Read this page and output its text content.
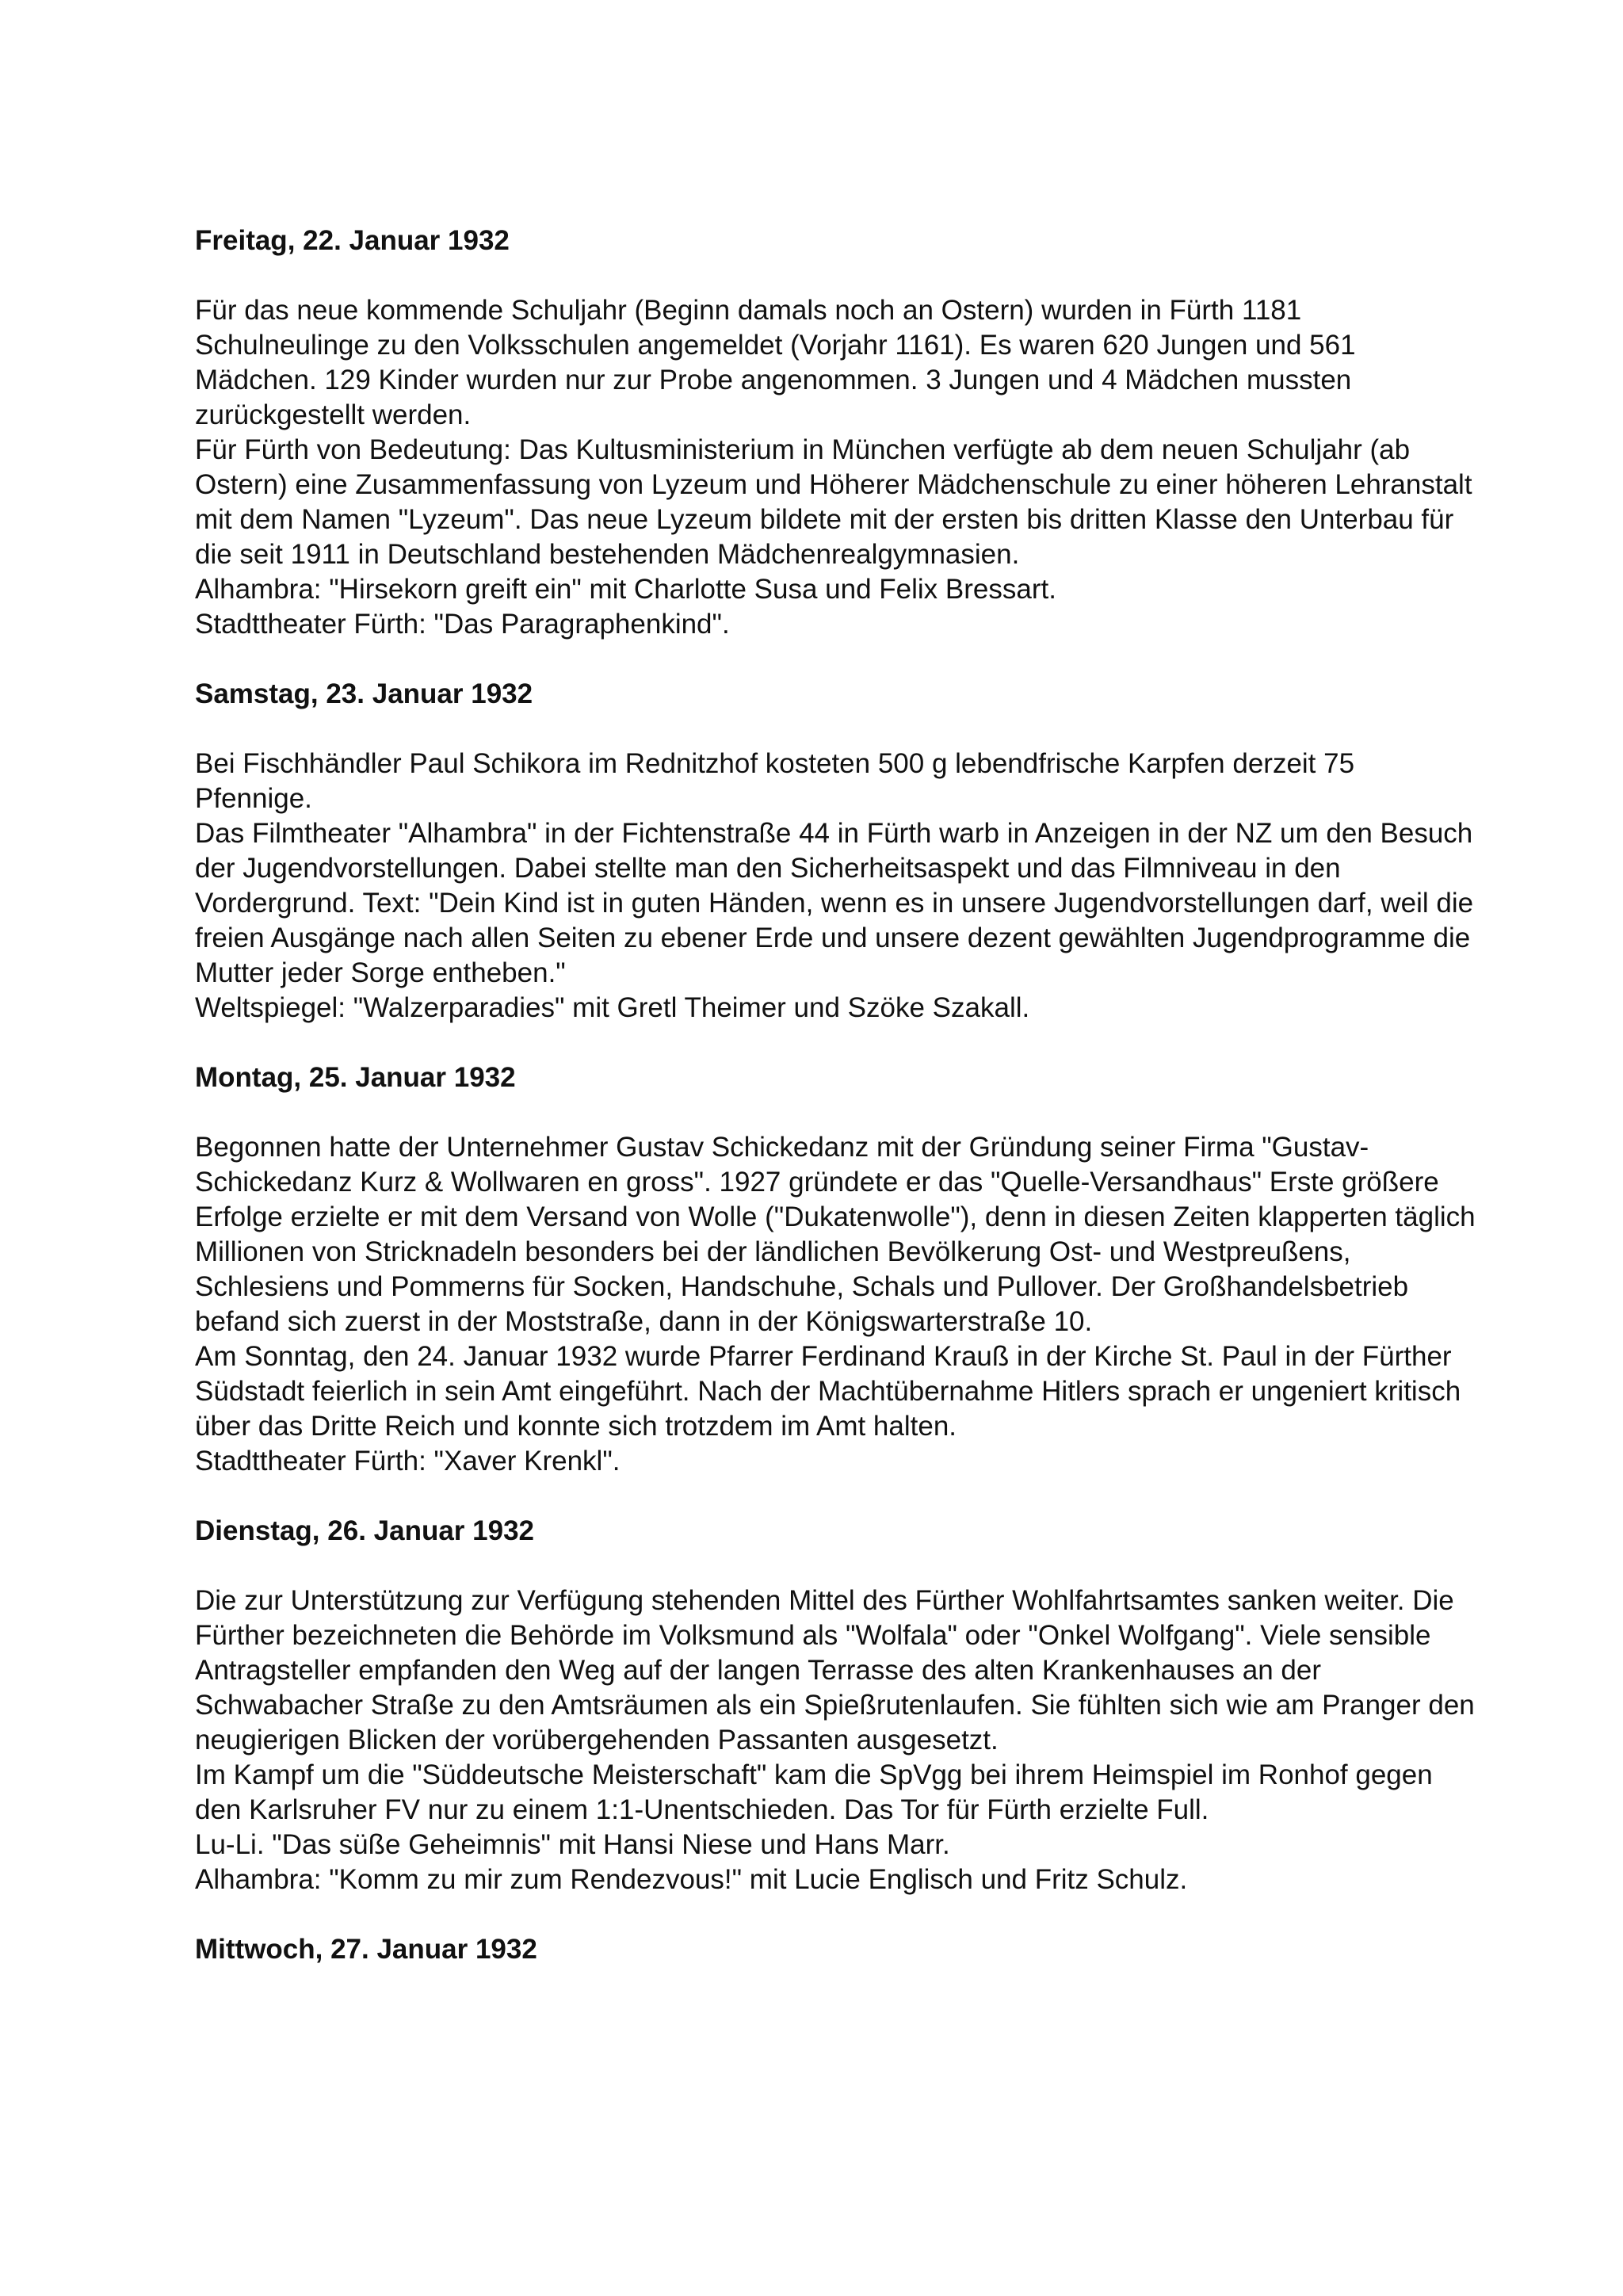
Freitag, 22. Januar 1932

Für das neue kommende Schuljahr (Beginn damals noch an Ostern) wurden in Fürth 1181 Schulneulinge zu den Volksschulen angemeldet (Vorjahr 1161). Es waren 620 Jungen und 561 Mädchen. 129 Kinder wurden nur zur Probe angenommen. 3 Jungen und 4 Mädchen mussten zurückgestellt werden.

Für Fürth von Bedeutung: Das Kultusministerium in München verfügte ab dem neuen Schuljahr (ab Ostern) eine Zusammenfassung von Lyzeum und Höherer Mädchenschule zu einer höheren Lehranstalt mit dem Namen "Lyzeum". Das neue Lyzeum bildete mit der ersten bis dritten Klasse den Unterbau für die seit 1911 in Deutschland bestehenden Mädchenrealgymnasien.

Alhambra: "Hirsekorn greift ein" mit Charlotte Susa und Felix Bressart.

Stadttheater Fürth: "Das Paragraphenkind".

Samstag, 23. Januar 1932

Bei Fischhändler Paul Schikora im Rednitzhof kosteten 500 g lebendfrische Karpfen derzeit 75 Pfennige.

Das Filmtheater "Alhambra" in der Fichtenstraße 44 in Fürth warb in Anzeigen in der NZ um den Besuch der Jugendvorstellungen. Dabei stellte man den Sicherheitsaspekt und das Filmniveau in den Vordergrund. Text: "Dein Kind ist in guten Händen, wenn es in unsere Jugendvorstellungen darf, weil die freien Ausgänge nach allen Seiten zu ebener Erde und unsere dezent gewählten Jugendprogramme die Mutter jeder Sorge entheben."

Weltspiegel: "Walzerparadies" mit Gretl Theimer und Szöke Szakall.

Montag, 25. Januar 1932

Begonnen hatte der Unternehmer Gustav Schickedanz mit der Gründung seiner Firma "Gustav-Schickedanz Kurz & Wollwaren en gross". 1927 gründete er das "Quelle-Versandhaus" Erste größere Erfolge erzielte er mit dem Versand von Wolle ("Dukatenwolle"), denn in diesen Zeiten klapperten täglich Millionen von Stricknadeln besonders bei der ländlichen Bevölkerung Ost- und Westpreußens, Schlesiens und Pommerns für Socken, Handschuhe, Schals und Pullover. Der Großhandelsbetrieb befand sich zuerst in der Moststraße, dann in der Königswarterstraße 10.

Am Sonntag, den 24. Januar 1932 wurde Pfarrer Ferdinand Krauß in der Kirche St. Paul in der Fürther Südstadt feierlich in sein Amt eingeführt. Nach der Machtübernahme Hitlers sprach er ungeniert kritisch über das Dritte Reich und konnte sich trotzdem im Amt halten.

Stadttheater Fürth: "Xaver Krenkl".

Dienstag, 26. Januar 1932

Die zur Unterstützung zur Verfügung stehenden Mittel des Fürther Wohlfahrtsamtes sanken weiter. Die Fürther bezeichneten die Behörde im Volksmund als "Wolfala" oder "Onkel Wolfgang". Viele sensible Antragsteller empfanden den Weg auf der langen Terrasse des alten Krankenhauses an der Schwabacher Straße zu den Amtsräumen als ein Spießrutenlaufen. Sie fühlten sich wie am Pranger den neugierigen Blicken der vorübergehenden Passanten ausgesetzt.

Im Kampf um die "Süddeutsche Meisterschaft" kam die SpVgg bei ihrem Heimspiel im Ronhof gegen den Karlsruher FV nur zu einem 1:1-Unentschieden. Das Tor für Fürth erzielte Full.

Lu-Li. "Das süße Geheimnis" mit Hansi Niese und Hans Marr.

Alhambra: "Komm zu mir zum Rendezvous!" mit Lucie Englisch und Fritz Schulz.

Mittwoch, 27. Januar 1932
